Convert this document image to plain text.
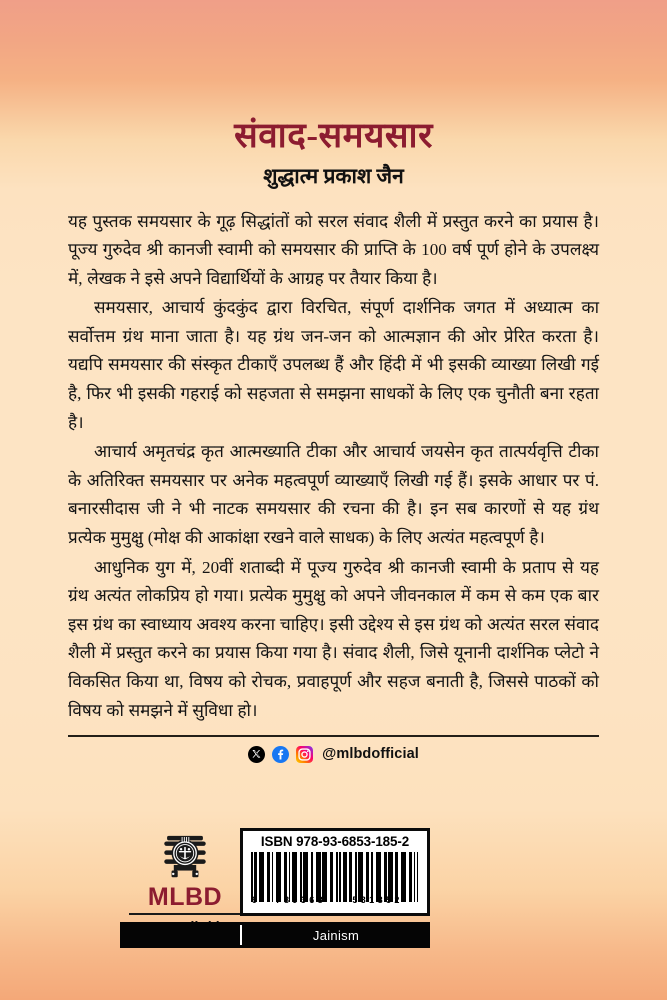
संवाद-समयसार
शुद्धात्म प्रकाश जैन

यह पुस्तक समयसार के गूढ़ सिद्धांतों को सरल संवाद शैली में प्रस्तुत करने का प्रयास है। पूज्य गुरुदेव श्री कानजी स्वामी को समयसार की प्राप्ति के 100 वर्ष पूर्ण होने के उपलक्ष्य में, लेखक ने इसे अपने विद्यार्थियों के आग्रह पर तैयार किया है।

समयसार, आचार्य कुंदकुंद द्वारा विरचित, संपूर्ण दार्शनिक जगत में अध्यात्म का सर्वोत्तम ग्रंथ माना जाता है। यह ग्रंथ जन-जन को आत्मज्ञान की ओर प्रेरित करता है। यद्यपि समयसार की संस्कृत टीकाएँ उपलब्ध हैं और हिंदी में भी इसकी व्याख्या लिखी गई है, फिर भी इसकी गहराई को सहजता से समझना साधकों के लिए एक चुनौती बना रहता है।

आचार्य अमृतचंद्र कृत आत्मख्याति टीका और आचार्य जयसेन कृत तात्पर्यवृत्ति टीका के अतिरिक्त समयसार पर अनेक महत्वपूर्ण व्याख्याएँ लिखी गई हैं। इसके आधार पर पं. बनारसीदास जी ने भी नाटक समयसार की रचना की है। इन सब कारणों से यह ग्रंथ प्रत्येक मुमुक्षु (मोक्ष की आकांक्षा रखने वाले साधक) के लिए अत्यंत महत्वपूर्ण है।

आधुनिक युग में, 20वीं शताब्दी में पूज्य गुरुदेव श्री कानजी स्वामी के प्रताप से यह ग्रंथ अत्यंत लोकप्रिय हो गया। प्रत्येक मुमुक्षु को अपने जीवनकाल में कम से कम एक बार इस ग्रंथ का स्वाध्याय अवश्य करना चाहिए। इसी उद्देश्य से इस ग्रंथ को अत्यंत सरल संवाद शैली में प्रस्तुत करने का प्रयास किया गया है। संवाद शैली, जिसे यूनानी दार्शनिक प्लेटो ने विकसित किया था, विषय को रोचक, प्रवाहपूर्ण और सहज बनाती है, जिससे पाठकों को विषय को समझने में सुविधा हो।

@mlbdofficial
MLBD
ISBN 978-93-6853-185-2
9	789368	531852
Jainism
